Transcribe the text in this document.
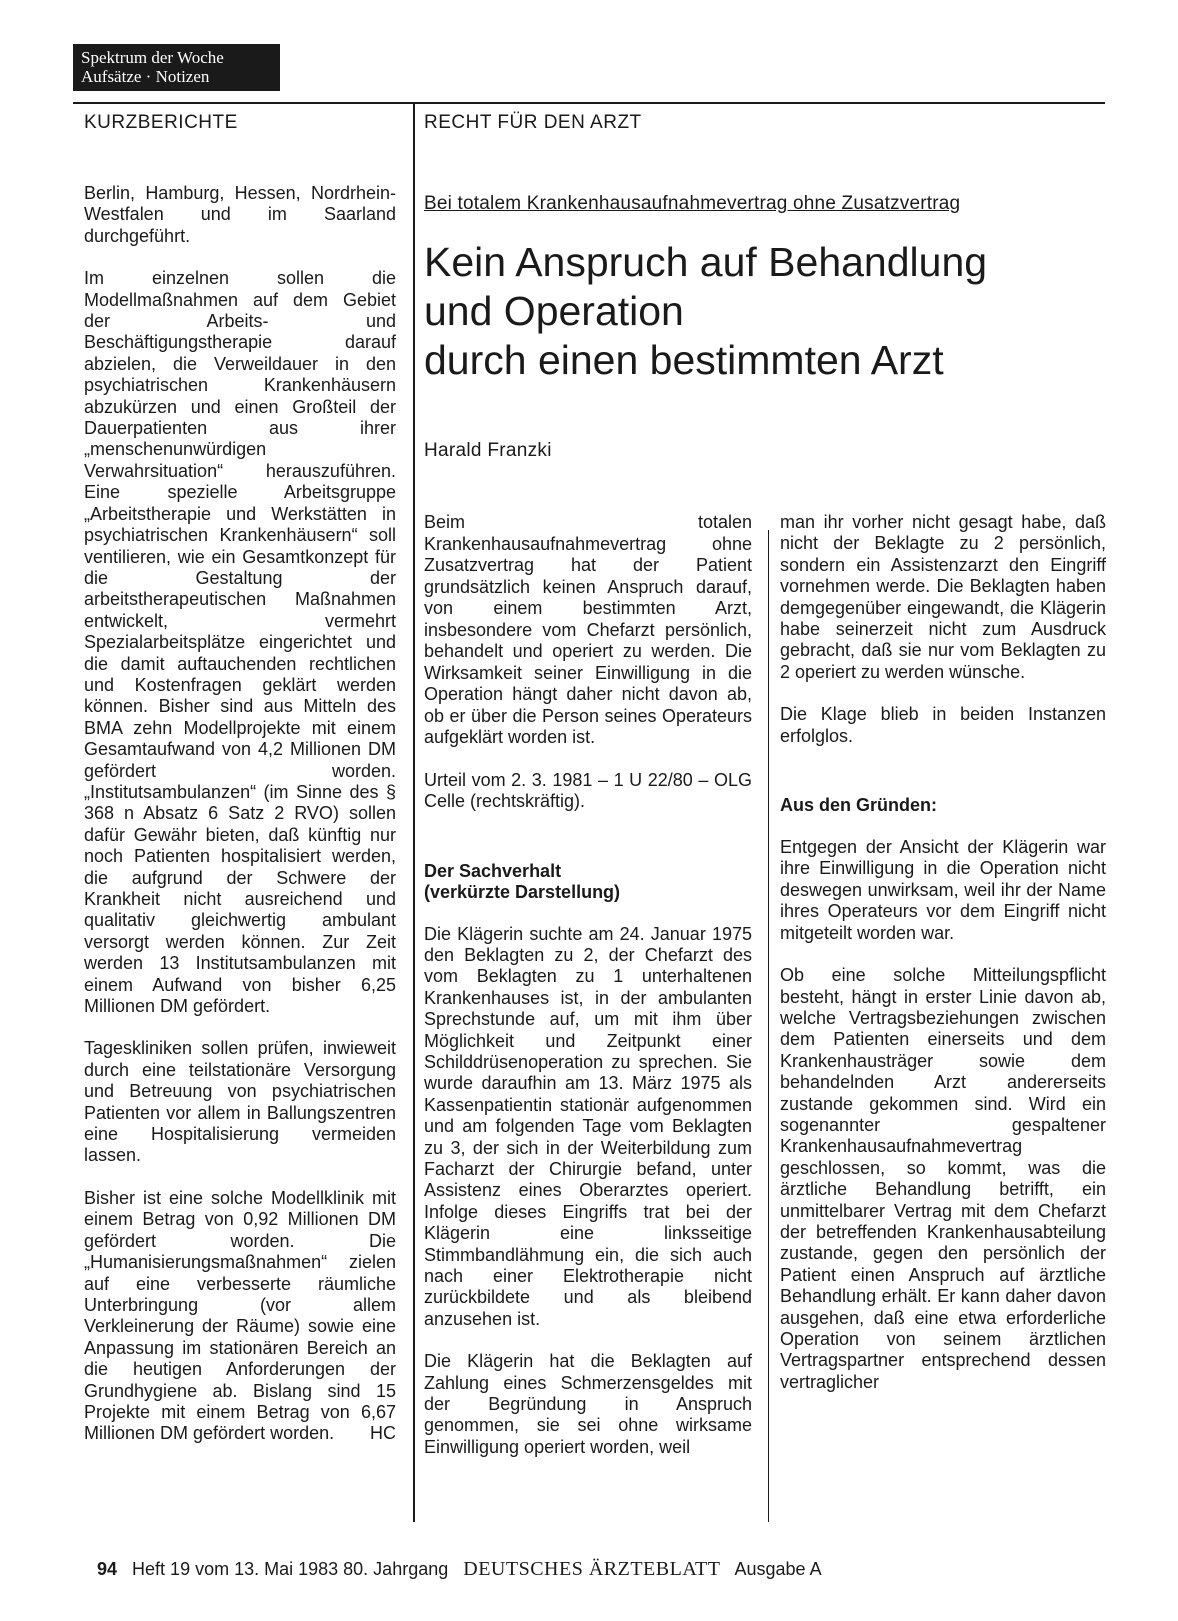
Spektrum der Woche
Aufsätze · Notizen
KURZBERICHTE	RECHT FÜR DEN ARZT

Berlin, Hamburg, Hessen, Nordrhein-Westfalen und im Saarland durchgeführt.

Im einzelnen sollen die Modellmaßnahmen auf dem Gebiet der Arbeits- und Beschäftigungstherapie darauf abzielen, die Verweildauer in den psychiatrischen Krankenhäusern abzukürzen und einen Großteil der Dauerpatienten aus ihrer „menschenunwürdigen Verwahrsituation“ herauszuführen. Eine spezielle Arbeitsgruppe „Arbeitstherapie und Werkstätten in psychiatrischen Krankenhäusern“ soll ventilieren, wie ein Gesamtkonzept für die Gestaltung der arbeitstherapeutischen Maßnahmen entwickelt, vermehrt Spezialarbeitsplätze eingerichtet und die damit auftauchenden rechtlichen und Kostenfragen geklärt werden können. Bisher sind aus Mitteln des BMA zehn Modellprojekte mit einem Gesamtaufwand von 4,2 Millionen DM gefördert worden. „Institutsambulanzen“ (im Sinne des § 368 n Absatz 6 Satz 2 RVO) sollen dafür Gewähr bieten, daß künftig nur noch Patienten hospitalisiert werden, die aufgrund der Schwere der Krankheit nicht ausreichend und qualitativ gleichwertig ambulant versorgt werden können. Zur Zeit werden 13 Institutsambulanzen mit einem Aufwand von bisher 6,25 Millionen DM gefördert.

Tageskliniken sollen prüfen, inwieweit durch eine teilstationäre Versorgung und Betreuung von psychiatrischen Patienten vor allem in Ballungszentren eine Hospitalisierung vermeiden lassen.

Bisher ist eine solche Modellklinik mit einem Betrag von 0,92 Millionen DM gefördert worden. Die „Humanisierungsmaßnahmen“ zielen auf eine verbesserte räumliche Unterbringung (vor allem Verkleinerung der Räume) sowie eine Anpassung im stationären Bereich an die heutigen Anforderungen der Grundhygiene ab. Bislang sind 15 Projekte mit einem Betrag von 6,67 Millionen DM gefördert worden. HC

Bei totalem Krankenhausaufnahmevertrag ohne Zusatzvertrag
Kein Anspruch auf Behandlung
und Operation
durch einen bestimmten Arzt
Harald Franzki

Beim totalen Krankenhausaufnahmevertrag ohne Zusatzvertrag hat der Patient grundsätzlich keinen Anspruch darauf, von einem bestimmten Arzt, insbesondere vom Chefarzt persönlich, behandelt und operiert zu werden. Die Wirksamkeit seiner Einwilligung in die Operation hängt daher nicht davon ab, ob er über die Person seines Operateurs aufgeklärt worden ist.

Urteil vom 2. 3. 1981 – 1 U 22/80 – OLG Celle (rechtskräftig).

Der Sachverhalt
(verkürzte Darstellung)

Die Klägerin suchte am 24. Januar 1975 den Beklagten zu 2, der Chefarzt des vom Beklagten zu 1 unterhaltenen Krankenhauses ist, in der ambulanten Sprechstunde auf, um mit ihm über Möglichkeit und Zeitpunkt einer Schilddrüsenoperation zu sprechen. Sie wurde daraufhin am 13. März 1975 als Kassenpatientin stationär aufgenommen und am folgenden Tage vom Beklagten zu 3, der sich in der Weiterbildung zum Facharzt der Chirurgie befand, unter Assistenz eines Oberarztes operiert. Infolge dieses Eingriffs trat bei der Klägerin eine linksseitige Stimmbandlähmung ein, die sich auch nach einer Elektrotherapie nicht zurückbildete und als bleibend anzusehen ist.

Die Klägerin hat die Beklagten auf Zahlung eines Schmerzensgeldes mit der Begründung in Anspruch genommen, sie sei ohne wirksame Einwilligung operiert worden, weil

man ihr vorher nicht gesagt habe, daß nicht der Beklagte zu 2 persönlich, sondern ein Assistenzarzt den Eingriff vornehmen werde. Die Beklagten haben demgegenüber eingewandt, die Klägerin habe seinerzeit nicht zum Ausdruck gebracht, daß sie nur vom Beklagten zu 2 operiert zu werden wünsche.

Die Klage blieb in beiden Instanzen erfolglos.

Aus den Gründen:

Entgegen der Ansicht der Klägerin war ihre Einwilligung in die Operation nicht deswegen unwirksam, weil ihr der Name ihres Operateurs vor dem Eingriff nicht mitgeteilt worden war.

Ob eine solche Mitteilungspflicht besteht, hängt in erster Linie davon ab, welche Vertragsbeziehungen zwischen dem Patienten einerseits und dem Krankenhausträger sowie dem behandelnden Arzt andererseits zustande gekommen sind. Wird ein sogenannter gespaltener Krankenhausaufnahmevertrag geschlossen, so kommt, was die ärztliche Behandlung betrifft, ein unmittelbarer Vertrag mit dem Chefarzt der betreffenden Krankenhausabteilung zustande, gegen den persönlich der Patient einen Anspruch auf ärztliche Behandlung erhält. Er kann daher davon ausgehen, daß eine etwa erforderliche Operation von seinem ärztlichen Vertragspartner entsprechend dessen vertraglicher

94 Heft 19 vom 13. Mai 1983 80. Jahrgang DEUTSCHES ÄRZTEBLATT Ausgabe A
